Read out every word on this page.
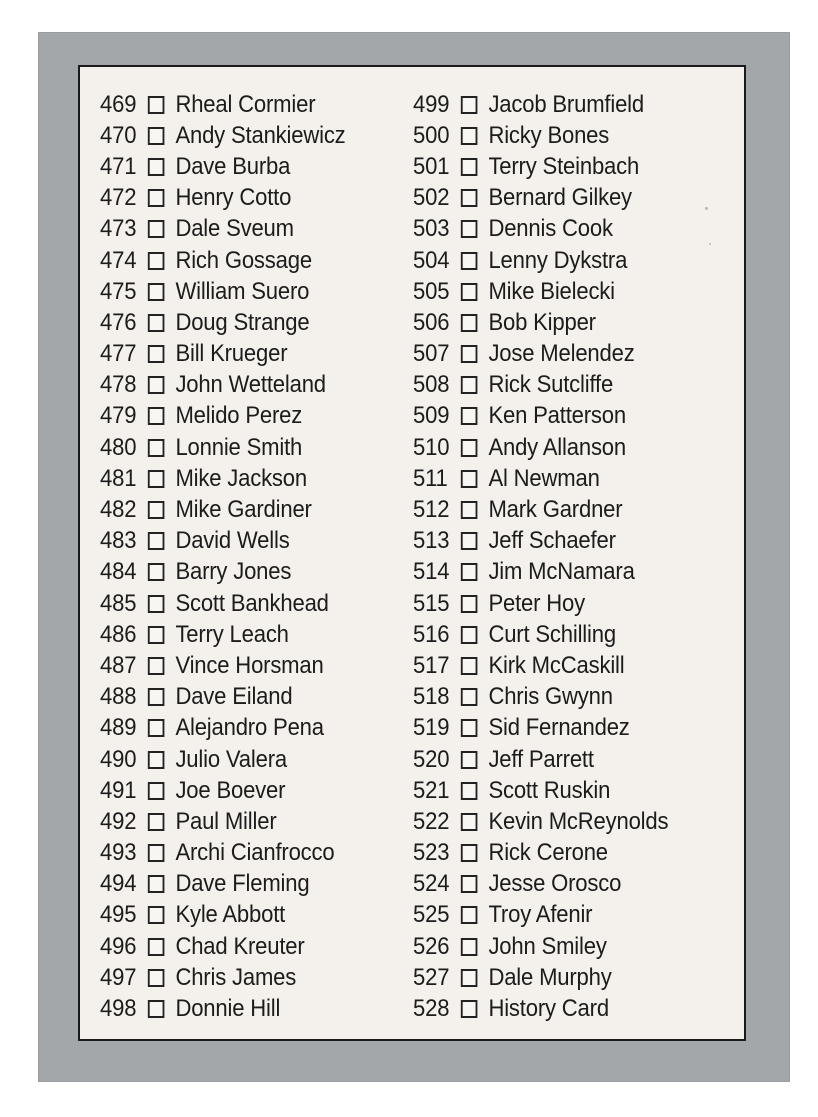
469	Rheal Cormier
470	Andy Stankiewicz
471	Dave Burba
472	Henry Cotto
473	Dale Sveum
474	Rich Gossage
475	William Suero
476	Doug Strange
477	Bill Krueger
478	John Wetteland
479	Melido Perez
480	Lonnie Smith
481	Mike Jackson
482	Mike Gardiner
483	David Wells
484	Barry Jones
485	Scott Bankhead
486	Terry Leach
487	Vince Horsman
488	Dave Eiland
489	Alejandro Pena
490	Julio Valera
491	Joe Boever
492	Paul Miller
493	Archi Cianfrocco
494	Dave Fleming
495	Kyle Abbott
496	Chad Kreuter
497	Chris James
498	Donnie Hill
499	Jacob Brumfield
500	Ricky Bones
501	Terry Steinbach
502	Bernard Gilkey
503	Dennis Cook
504	Lenny Dykstra
505	Mike Bielecki
506	Bob Kipper
507	Jose Melendez
508	Rick Sutcliffe
509	Ken Patterson
510	Andy Allanson
511	Al Newman
512	Mark Gardner
513	Jeff Schaefer
514	Jim McNamara
515	Peter Hoy
516	Curt Schilling
517	Kirk McCaskill
518	Chris Gwynn
519	Sid Fernandez
520	Jeff Parrett
521	Scott Ruskin
522	Kevin McReynolds
523	Rick Cerone
524	Jesse Orosco
525	Troy Afenir
526	John Smiley
527	Dale Murphy
528	History Card
